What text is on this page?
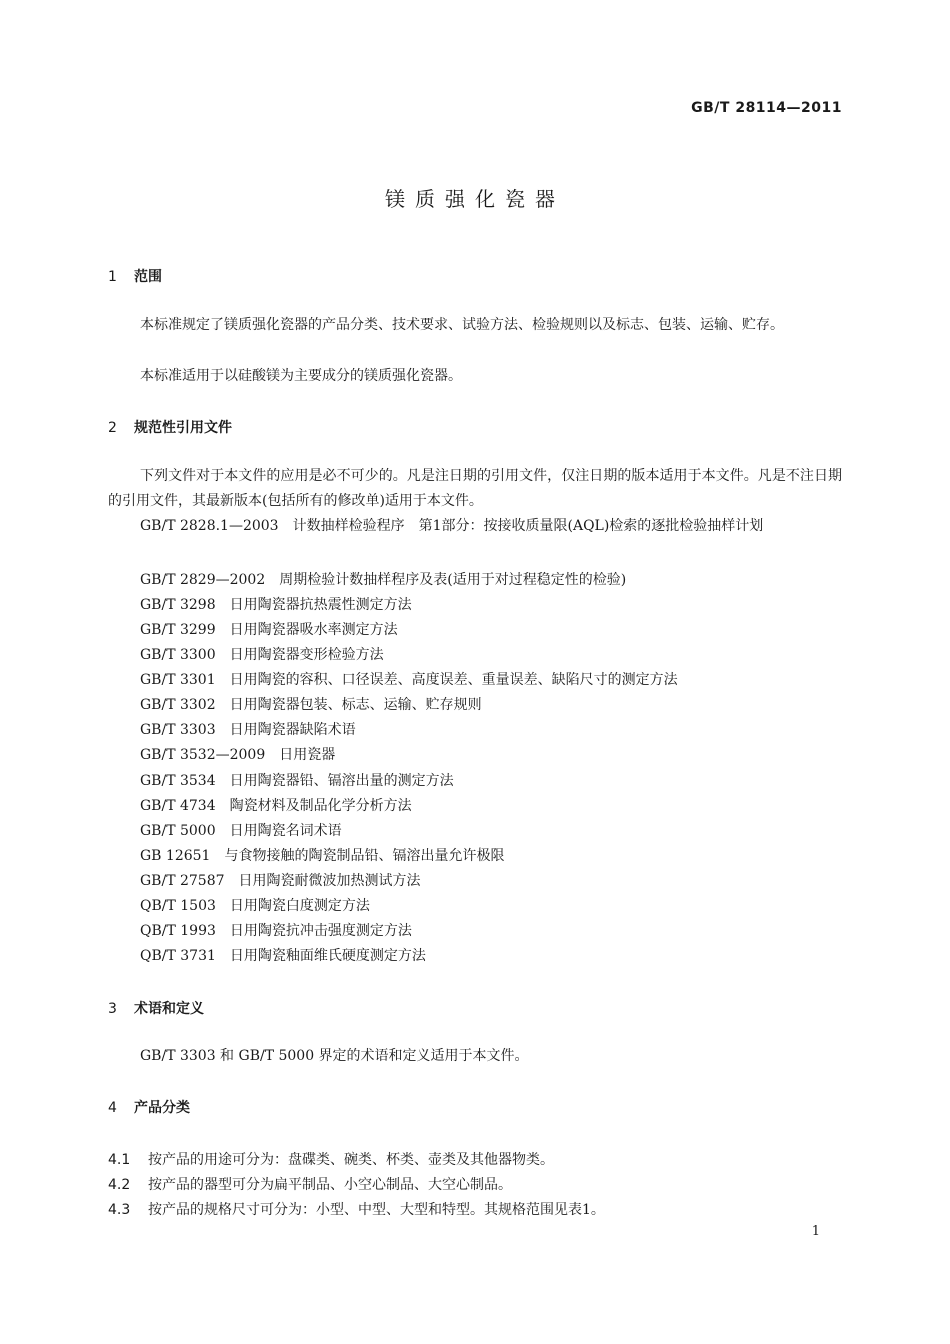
GB/T 28114—2011
镁质强化瓷器
1 范围
本标准规定了镁质强化瓷器的产品分类、技术要求、试验方法、检验规则以及标志、包装、运输、贮存。
本标准适用于以硅酸镁为主要成分的镁质强化瓷器。
2 规范性引用文件
下列文件对于本文件的应用是必不可少的。凡是注日期的引用文件，仅注日期的版本适用于本文件。凡是不注日期的引用文件，其最新版本(包括所有的修改单)适用于本文件。
GB/T 2828.1—2003 计数抽样检验程序　第1部分：按接收质量限(AQL)检索的逐批检验抽样计划
GB/T 2829—2002 周期检验计数抽样程序及表(适用于对过程稳定性的检验)
GB/T 3298 日用陶瓷器抗热震性测定方法
GB/T 3299 日用陶瓷器吸水率测定方法
GB/T 3300 日用陶瓷器变形检验方法
GB/T 3301 日用陶瓷的容积、口径误差、高度误差、重量误差、缺陷尺寸的测定方法
GB/T 3302 日用陶瓷器包装、标志、运输、贮存规则
GB/T 3303 日用陶瓷器缺陷术语
GB/T 3532—2009 日用瓷器
GB/T 3534 日用陶瓷器铅、镉溶出量的测定方法
GB/T 4734 陶瓷材料及制品化学分析方法
GB/T 5000 日用陶瓷名词术语
GB 12651 与食物接触的陶瓷制品铅、镉溶出量允许极限
GB/T 27587 日用陶瓷耐微波加热测试方法
QB/T 1503 日用陶瓷白度测定方法
QB/T 1993 日用陶瓷抗冲击强度测定方法
QB/T 3731 日用陶瓷釉面维氏硬度测定方法
3 术语和定义
GB/T 3303 和 GB/T 5000 界定的术语和定义适用于本文件。
4 产品分类
4.1 按产品的用途可分为：盘碟类、碗类、杯类、壶类及其他器物类。
4.2 按产品的器型可分为扁平制品、小空心制品、大空心制品。
4.3 按产品的规格尺寸可分为：小型、中型、大型和特型。其规格范围见表1。
1
